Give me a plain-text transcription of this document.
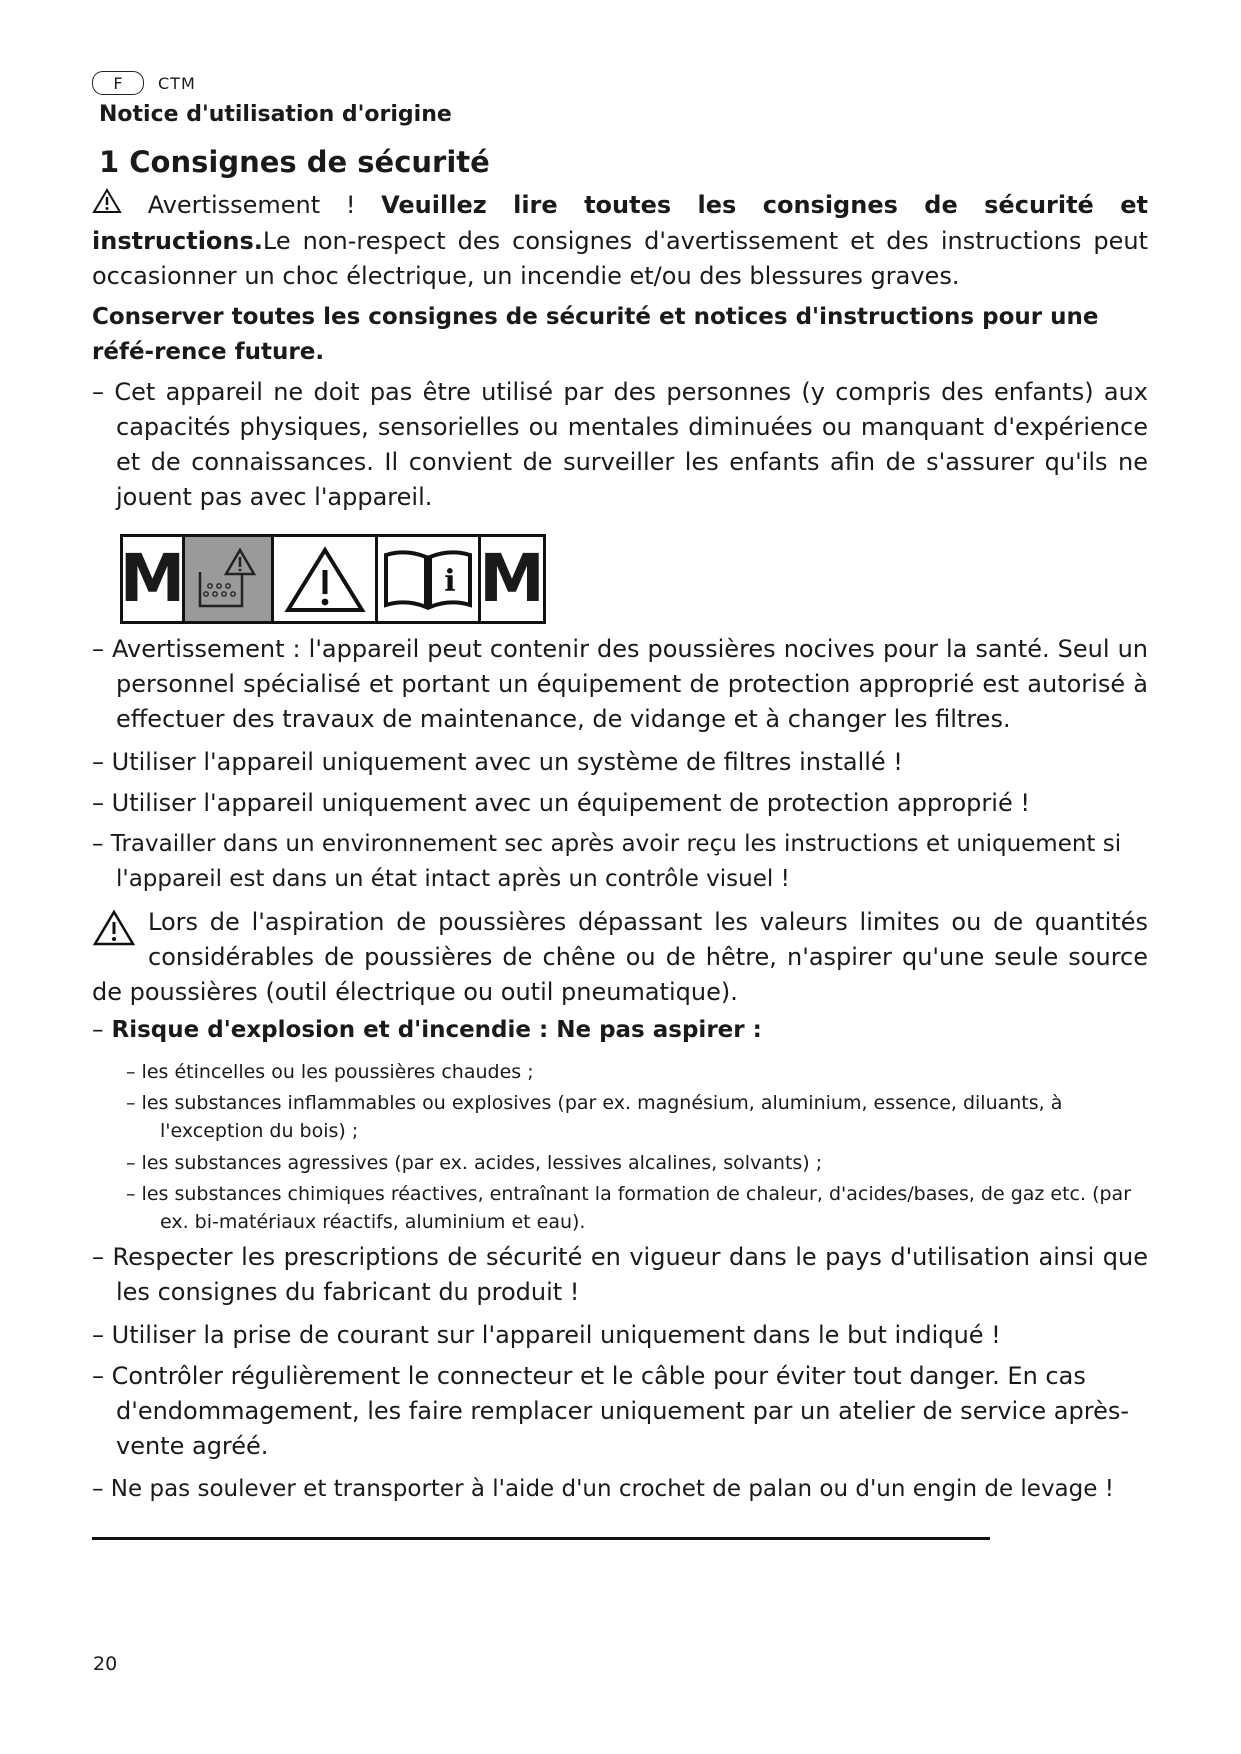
F	CTM
Notice d'utilisation d'origine
1 Consignes de sécurité
Avertissement ! Veuillez lire toutes les consignes de sécurité et instructions.Le non-respect des consignes d'avertissement et des instructions peut occasionner un choc électrique, un incendie et/ou des blessures graves.
Conserver toutes les consignes de sécurité et notices d'instructions pour une réfé-rence future.
– Cet appareil ne doit pas être utilisé par des personnes (y compris des enfants) aux capacités physiques, sensorielles ou mentales diminuées ou manquant d'expérience et de connaissances. Il convient de surveiller les enfants afin de s'assurer qu'ils ne jouent pas avec l'appareil.
M	i M
– Avertissement : l'appareil peut contenir des poussières nocives pour la santé. Seul un personnel spécialisé et portant un équipement de protection approprié est autorisé à effectuer des travaux de maintenance, de vidange et à changer les filtres.
– Utiliser l'appareil uniquement avec un système de filtres installé !
– Utiliser l'appareil uniquement avec un équipement de protection approprié !
– Travailler dans un environnement sec après avoir reçu les instructions et uniquement si l'appareil est dans un état intact après un contrôle visuel !
Lors de l'aspiration de poussières dépassant les valeurs limites ou de quantités considérables de poussières de chêne ou de hêtre, n'aspirer qu'une seule source de poussières (outil électrique ou outil pneumatique).
– Risque d'explosion et d'incendie : Ne pas aspirer :
– les étincelles ou les poussières chaudes ;
– les substances inflammables ou explosives (par ex. magnésium, aluminium, essence, diluants, à l'exception du bois) ;
– les substances agressives (par ex. acides, lessives alcalines, solvants) ;
– les substances chimiques réactives, entraînant la formation de chaleur, d'acides/bases, de gaz etc. (par ex. bi-matériaux réactifs, aluminium et eau).
– Respecter les prescriptions de sécurité en vigueur dans le pays d'utilisation ainsi que les consignes du fabricant du produit !
– Utiliser la prise de courant sur l'appareil uniquement dans le but indiqué !
– Contrôler régulièrement le connecteur et le câble pour éviter tout danger. En cas d'endommagement, les faire remplacer uniquement par un atelier de service après-vente agréé.
– Ne pas soulever et transporter à l'aide d'un crochet de palan ou d'un engin de levage !
20
